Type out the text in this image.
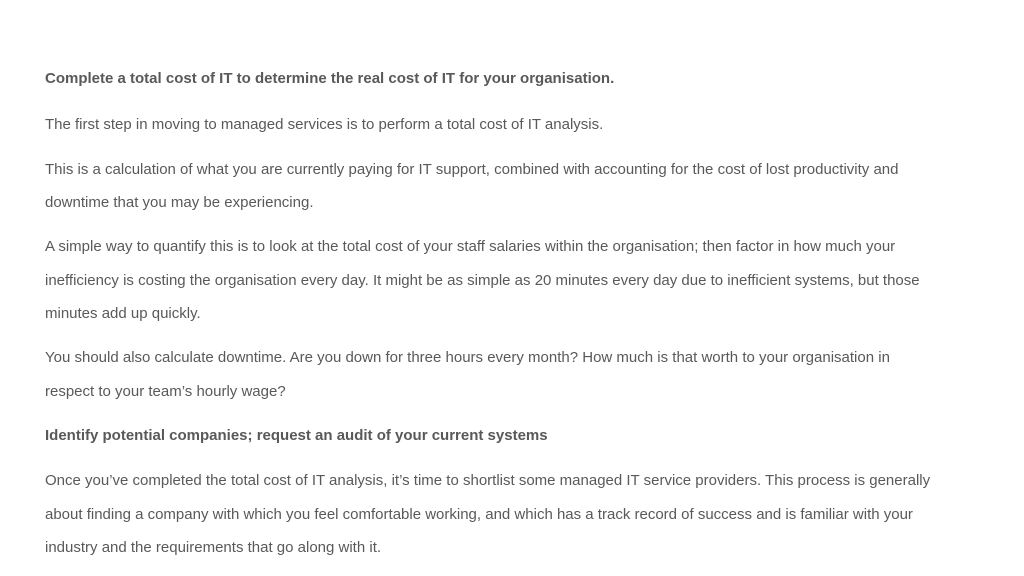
Complete a total cost of IT to determine the real cost of IT for your organisation.
The first step in moving to managed services is to perform a total cost of IT analysis.
This is a calculation of what you are currently paying for IT support, combined with accounting for the cost of lost productivity and
downtime that you may be experiencing.
A simple way to quantify this is to look at the total cost of your staff salaries within the organisation; then factor in how much your
inefficiency is costing the organisation every day. It might be as simple as 20 minutes every day due to inefficient systems, but those
minutes add up quickly.
You should also calculate downtime. Are you down for three hours every month? How much is that worth to your organisation in
respect to your team’s hourly wage?
Identify potential companies; request an audit of your current systems
Once you’ve completed the total cost of IT analysis, it’s time to shortlist some managed IT service providers. This process is generally
about finding a company with which you feel comfortable working, and which has a track record of success and is familiar with your
industry and the requirements that go along with it.
